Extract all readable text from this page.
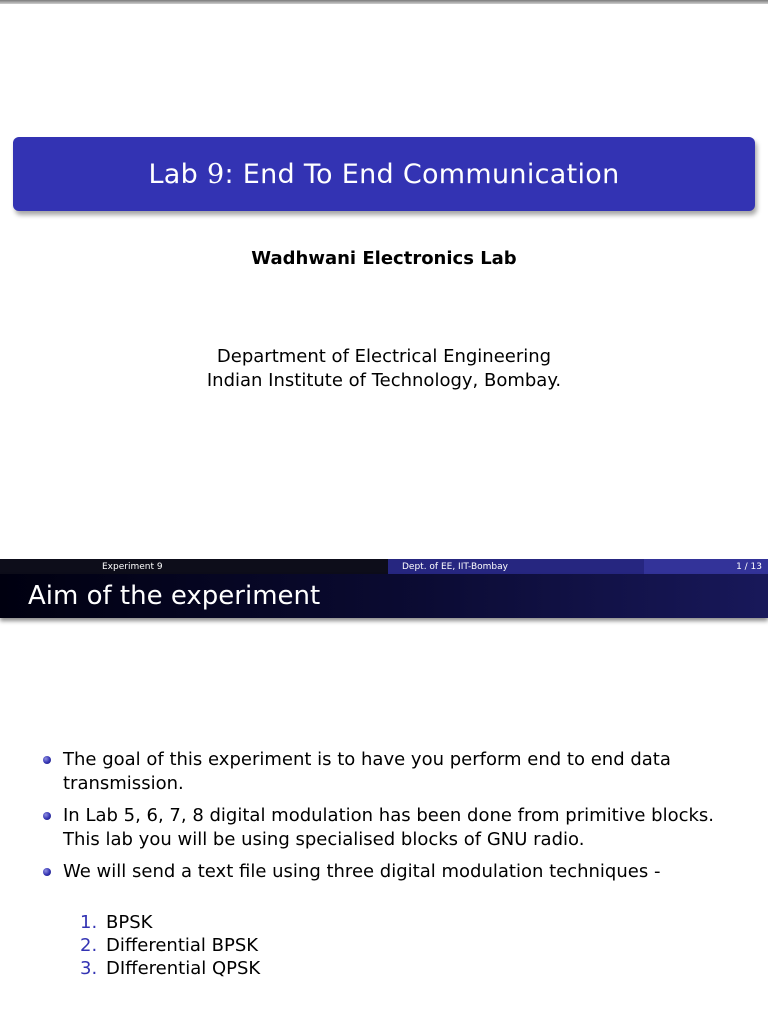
Lab 9: End To End Communication
Wadhwani Electronics Lab
Department of Electrical Engineering
Indian Institute of Technology, Bombay.
Experiment 9	Dept. of EE, IIT-Bombay	1 / 13
Aim of the experiment
The goal of this experiment is to have you perform end to end data transmission.
In Lab 5, 6, 7, 8 digital modulation has been done from primitive blocks. This lab you will be using specialised blocks of GNU radio.
We will send a text file using three digital modulation techniques -
1. BPSK
2. Differential BPSK
3. DIfferential QPSK
